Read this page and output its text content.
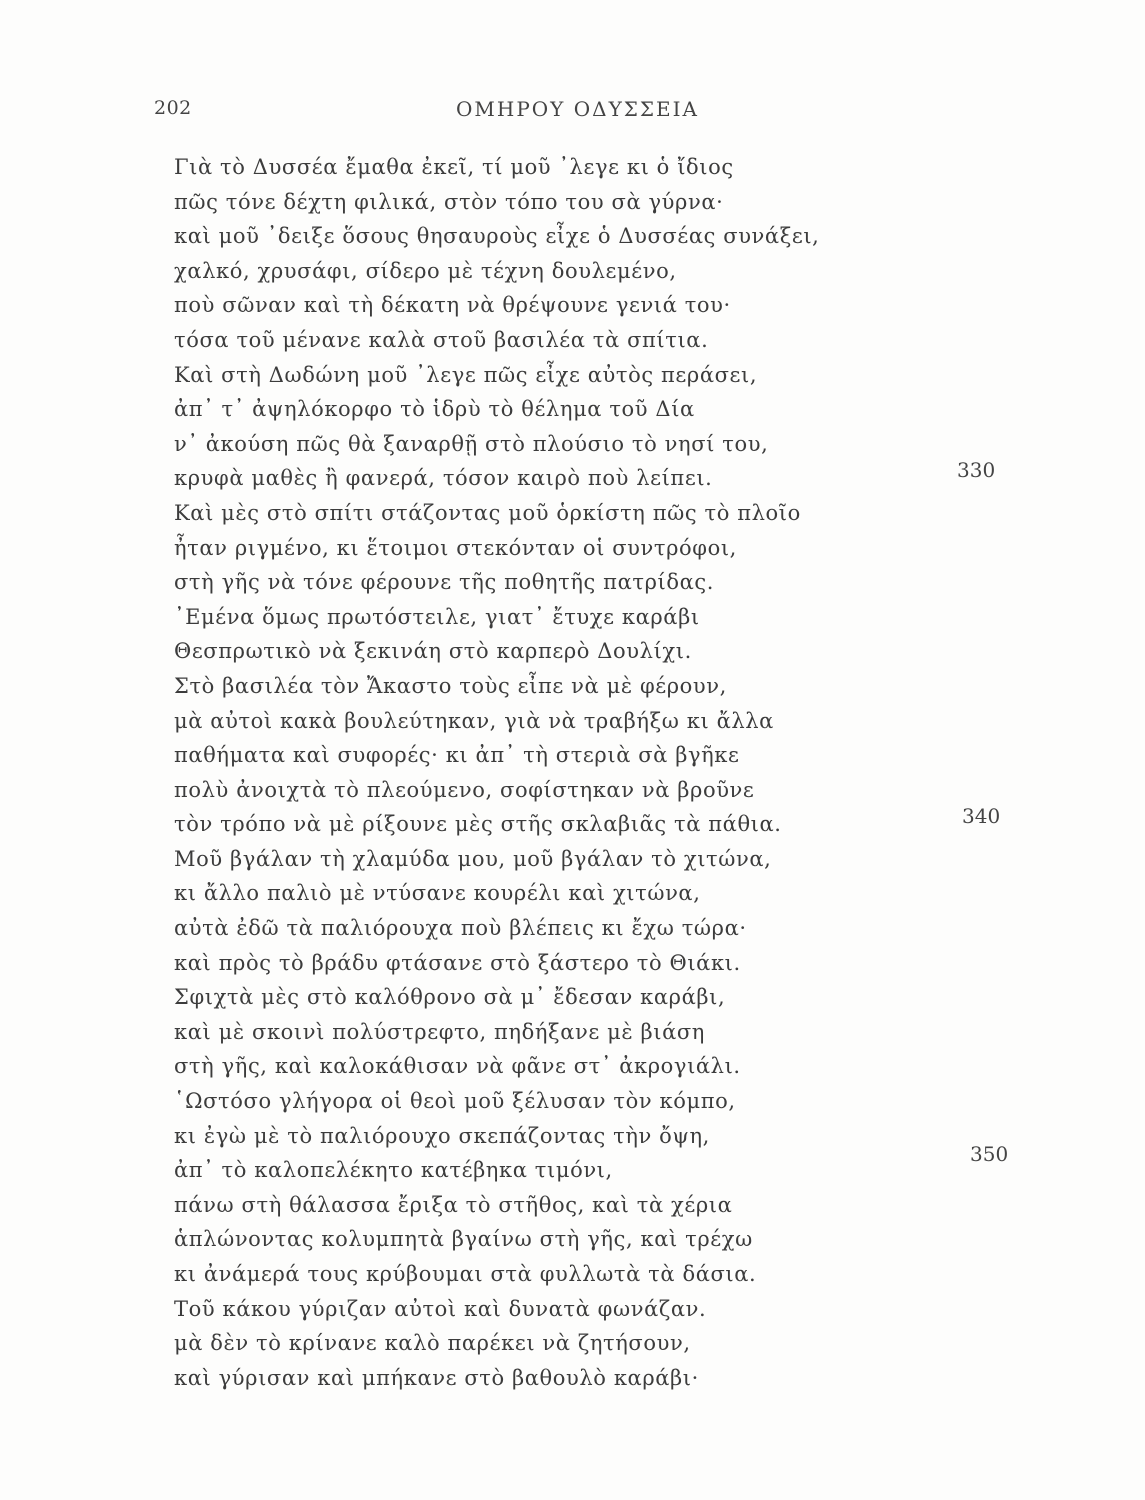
202	ΟΜΗΡΟΥ ΟΔΥΣΣΕΙΑ
Γιὰ τὸ Δυσσέα ἔμαθα ἐκεῖ, τί μοῦ ᾿λεγε κι ὁ ἴδιος
πῶς τόνε δέχτη φιλικά, στὸν τόπο του σὰ γύρνα·
καὶ μοῦ ᾿δειξε ὅσους θησαυροὺς εἶχε ὁ Δυσσέας συνάξει,
χαλκό, χρυσάφι, σίδερο μὲ τέχνη δουλεμένο,
ποὺ σῶναν καὶ τὴ δέκατη νὰ θρέψουνε γενιά του·
τόσα τοῦ μένανε καλὰ στοῦ βασιλέα τὰ σπίτια.
Καὶ στὴ Δωδώνη μοῦ ᾿λεγε πῶς εἶχε αὐτὸς περάσει,
ἀπ᾿ τ᾿ ἀψηλόκορφο τὸ ἱδρὺ τὸ θέλημα τοῦ Δία
ν᾿ ἀκούση πῶς θὰ ξαναρθῇ στὸ πλούσιο τὸ νησί του,
κρυφὰ μαθὲς ἢ φανερά, τόσον καιρὸ ποὺ λείπει.
Καὶ μὲς στὸ σπίτι στάζοντας μοῦ ὁρκίστη πῶς τὸ πλοῖο
ἦταν ριγμένο, κι ἕτοιμοι στεκόνταν οἱ συντρόφοι,
στὴ γῆς νὰ τόνε φέρουνε τῆς ποθητῆς πατρίδας.
᾿Εμένα ὅμως πρωτόστειλε, γιατ᾿ ἔτυχε καράβι
Θεσπρωτικὸ νὰ ξεκινάη στὸ καρπερὸ Δουλίχι.
Στὸ βασιλέα τὸν Ἄκαστο τοὺς εἶπε νὰ μὲ φέρουν,
μὰ αὐτοὶ κακὰ βουλεύτηκαν, γιὰ νὰ τραβήξω κι ἄλλα
παθήματα καὶ συφορές· κι ἀπ᾿ τὴ στεριὰ σὰ βγῆκε
πολὺ ἀνοιχτὰ τὸ πλεούμενο, σοφίστηκαν νὰ βροῦνε
τὸν τρόπο νὰ μὲ ρίξουνε μὲς στῆς σκλαβιᾶς τὰ πάθια.
Μοῦ βγάλαν τὴ χλαμύδα μου, μοῦ βγάλαν τὸ χιτώνα,
κι ἄλλο παλιὸ μὲ ντύσανε κουρέλι καὶ χιτώνα,
αὐτὰ ἐδῶ τὰ παλιόρουχα ποὺ βλέπεις κι ἔχω τώρα·
καὶ πρὸς τὸ βράδυ φτάσανε στὸ ξάστερο τὸ Θιάκι.
Σφιχτὰ μὲς στὸ καλόθρονο σὰ μ᾿ ἔδεσαν καράβι,
καὶ μὲ σκοινὶ πολύστρεφτο, πηδήξανε μὲ βιάση
στὴ γῆς, καὶ καλοκάθισαν νὰ φᾶνε στ᾿ ἀκρογιάλι.
῾Ωστόσο γλήγορα οἱ θεοὶ μοῦ ξέλυσαν τὸν κόμπο,
κι ἐγὼ μὲ τὸ παλιόρουχο σκεπάζοντας τὴν ὄψη,
ἀπ᾿ τὸ καλοπελέκητο κατέβηκα τιμόνι,
πάνω στὴ θάλασσα ἔριξα τὸ στῆθος, καὶ τὰ χέρια
ἁπλώνοντας κολυμπητὰ βγαίνω στὴ γῆς, καὶ τρέχω
κι ἀνάμερά τους κρύβουμαι στὰ φυλλωτὰ τὰ δάσια.
Τοῦ κάκου γύριζαν αὐτοὶ καὶ δυνατὰ φωνάζαν.
μὰ δὲν τὸ κρίνανε καλὸ παρέκει νὰ ζητήσουν,
καὶ γύρισαν καὶ μπήκανε στὸ βαθουλὸ καράβι·
330
340
350
